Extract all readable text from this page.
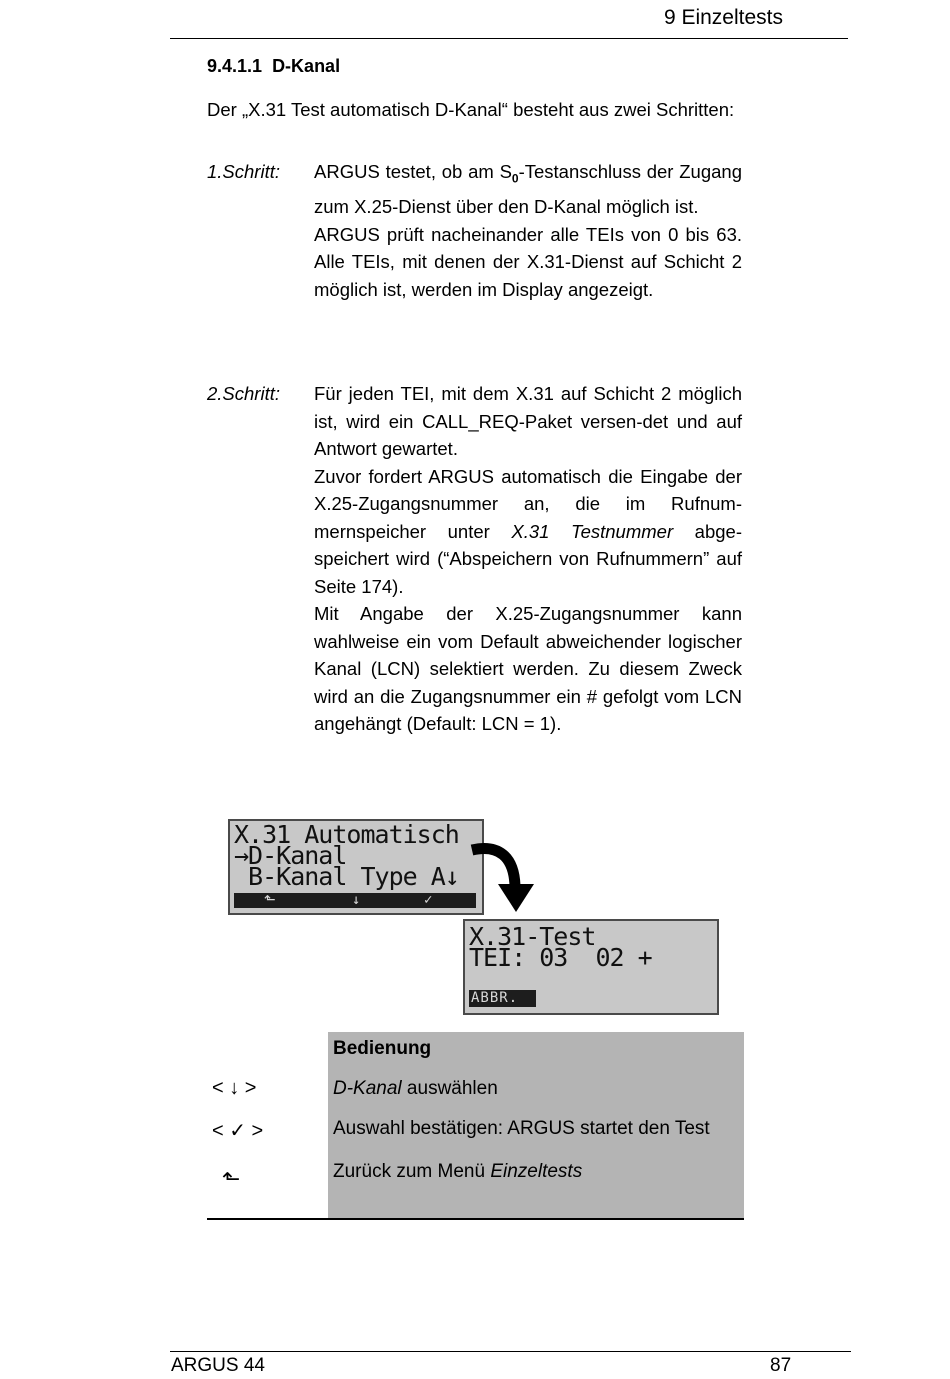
9 Einzeltests
9.4.1.1 D-Kanal
Der „X.31 Test automatisch D-Kanal“ besteht aus zwei Schritten:
1.Schritt: ARGUS testet, ob am $S_0$-Testanschluss der Zugang zum X.25-Dienst über den D-Kanal möglich ist.

ARGUS prüft nacheinander alle TEIs von 0 bis 63. Alle TEIs, mit denen der X.31-Dienst auf Schicht 2 möglich ist, werden im Display angezeigt.

2.Schritt: Für jeden TEI, mit dem X.31 auf Schicht 2 möglich ist, wird ein CALL_REQ-Paket versen-det und auf Antwort gewartet.

Zuvor fordert ARGUS automatisch die Eingabe der X.25-Zugangsnummer an, die im Rufnum-mernspeicher unter X.31 Testnummer abge-speichert wird (“Abspeichern von Rufnummern” auf Seite 174).

Mit Angabe der X.25-Zugangsnummer kann wahlweise ein vom Default abweichender logischer Kanal (LCN) selektiert werden. Zu diesem Zweck wird an die Zugangsnummer ein # gefolgt vom LCN angehängt (Default: LCN = 1).

X.31 Automatisch
→D-Kanal
B-Kanal Type A↓
⬑	↓	✓
X.31-Test
TEI: 03  02 +
ABBR.
Bedienung
< ↓ >	D-Kanal auswählen
< ✓ >	Auswahl bestätigen: ARGUS startet den Test
⬑	Zurück zum Menü Einzeltests
ARGUS 44	87
